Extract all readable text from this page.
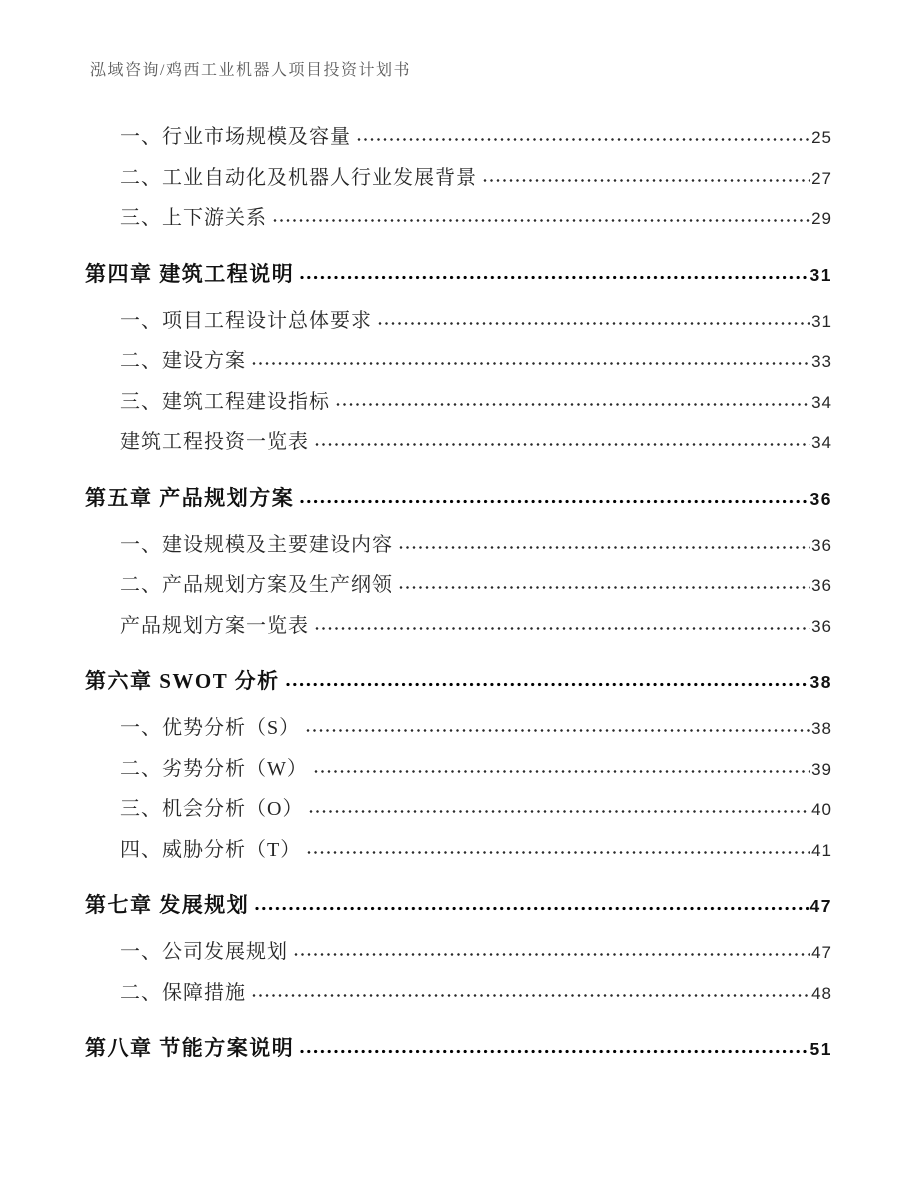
泓域咨询/鸡西工业机器人项目投资计划书
一、行业市场规模及容量	25
二、工业自动化及机器人行业发展背景	27
三、上下游关系	29
第四章 建筑工程说明	31
一、项目工程设计总体要求	31
二、建设方案	33
三、建筑工程建设指标	34
建筑工程投资一览表	34
第五章 产品规划方案	36
一、建设规模及主要建设内容	36
二、产品规划方案及生产纲领	36
产品规划方案一览表	36
第六章 SWOT 分析	38
一、优势分析（S）	38
二、劣势分析（W）	39
三、机会分析（O）	40
四、威胁分析（T）	41
第七章 发展规划	47
一、公司发展规划	47
二、保障措施	48
第八章 节能方案说明	51
